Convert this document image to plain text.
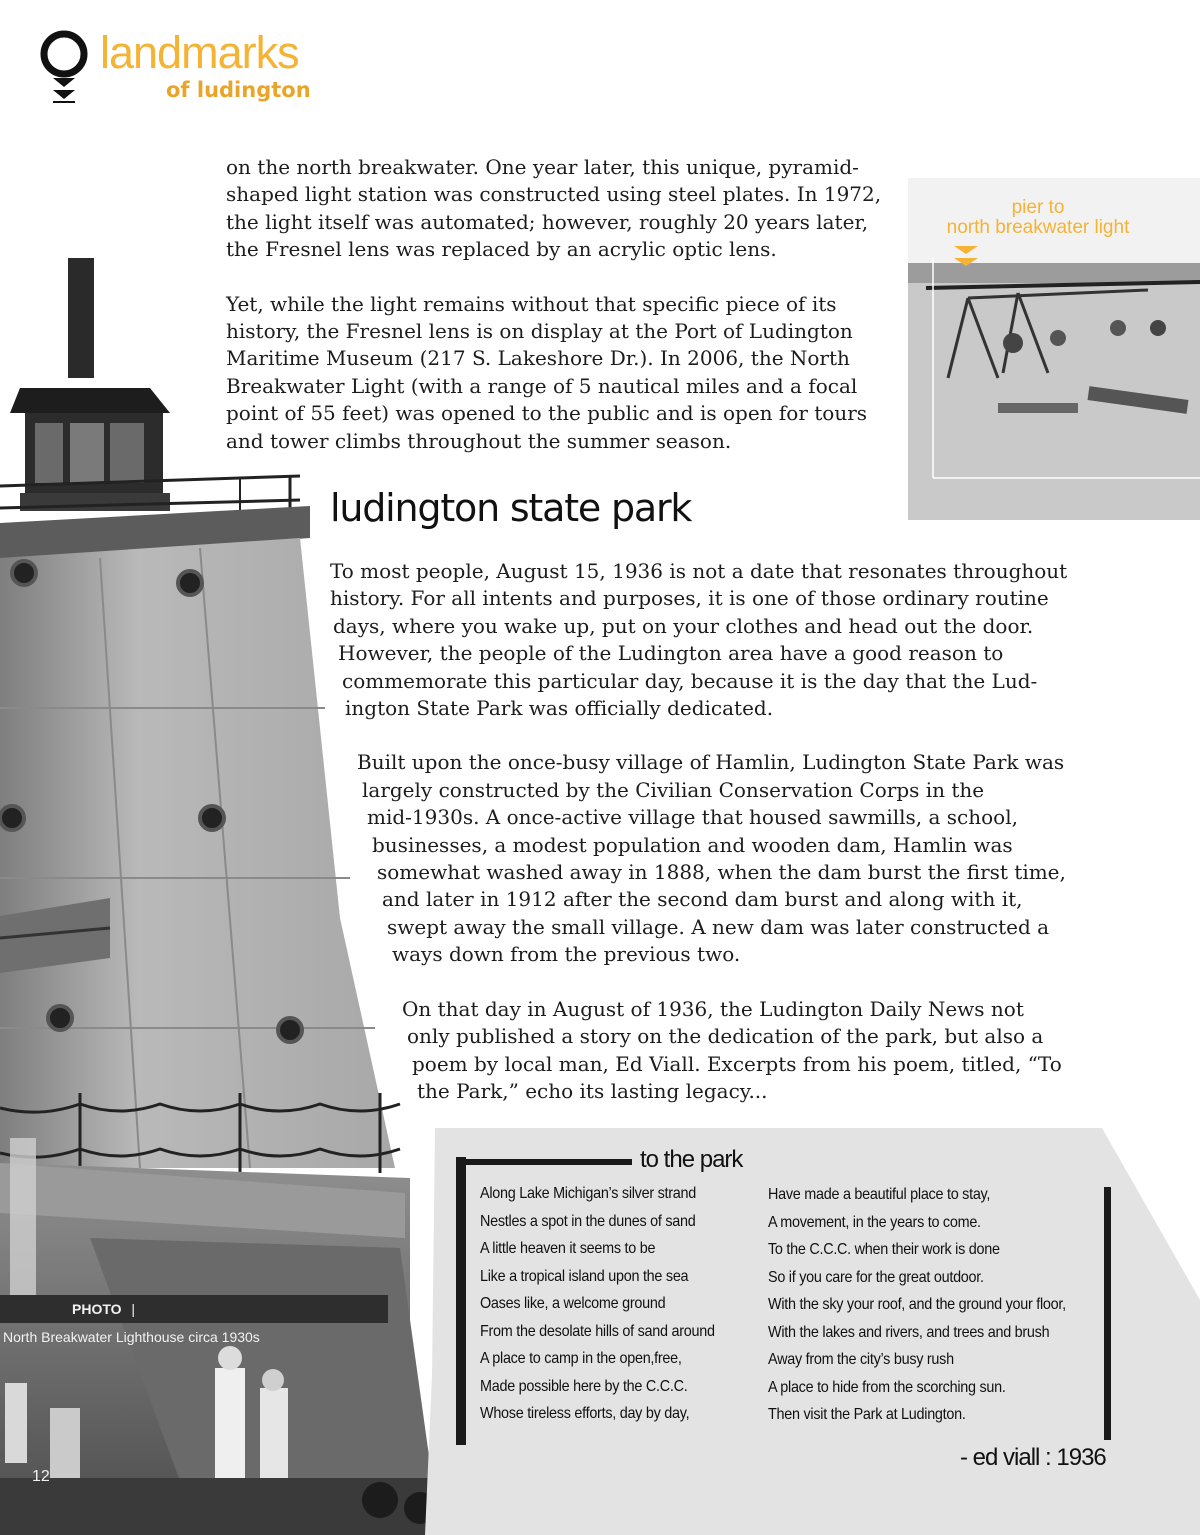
landmarks
of ludington

on the north breakwater. One year later, this unique, pyramid-
shaped light station was constructed using steel plates. In 1972,
the light itself was automated; however, roughly 20 years later,
the Fresnel lens was replaced by an acrylic optic lens.

Yet, while the light remains without that specific piece of its
history, the Fresnel lens is on display at the Port of Ludington
Maritime Museum (217 S. Lakeshore Dr.). In 2006, the North
Breakwater Light (with a range of 5 nautical miles and a focal
point of 55 feet) was opened to the public and is open for tours
and tower climbs throughout the summer season.

pier to
north breakwater light
ludington state park

To most people, August 15, 1936 is not a date that resonates throughout
history. For all intents and purposes, it is one of those ordinary routine
days, where you wake up, put on your clothes and head out the door.
However, the people of the Ludington area have a good reason to
commemorate this particular day, because it is the day that the Lud-
ington State Park was officially dedicated.

Built upon the once-busy village of Hamlin, Ludington State Park was
largely constructed by the Civilian Conservation Corps in the
mid-1930s. A once-active village that housed sawmills, a school,
businesses, a modest population and wooden dam, Hamlin was
somewhat washed away in 1888, when the dam burst the first time,
and later in 1912 after the second dam burst and along with it,
swept away the small village. A new dam was later constructed a
ways down from the previous two.

On that day in August of 1936, the Ludington Daily News not
only published a story on the dedication of the park, but also a
poem by local man, Ed Viall. Excerpts from his poem, titled, “To
the Park,” echo its lasting legacy...

PHOTO | North Breakwater Lighthouse circa 1930s
to the park
Along Lake Michigan’s silver strand
Nestles a spot in the dunes of sand
A little heaven it seems to be
Like a tropical island upon the sea
Oases like, a welcome ground
From the desolate hills of sand around
A place to camp in the open,free,
Made possible here by the C.C.C.
Whose tireless efforts, day by day,
Have made a beautiful place to stay,
A movement, in the years to come.
To the C.C.C. when their work is done
So if you care for the great outdoor.
With the sky your roof, and the ground your floor,
With the lakes and rivers, and trees and brush
Away from the city’s busy rush
A place to hide from the scorching sun.
Then visit the Park at Ludington.
- ed viall : 1936
12
